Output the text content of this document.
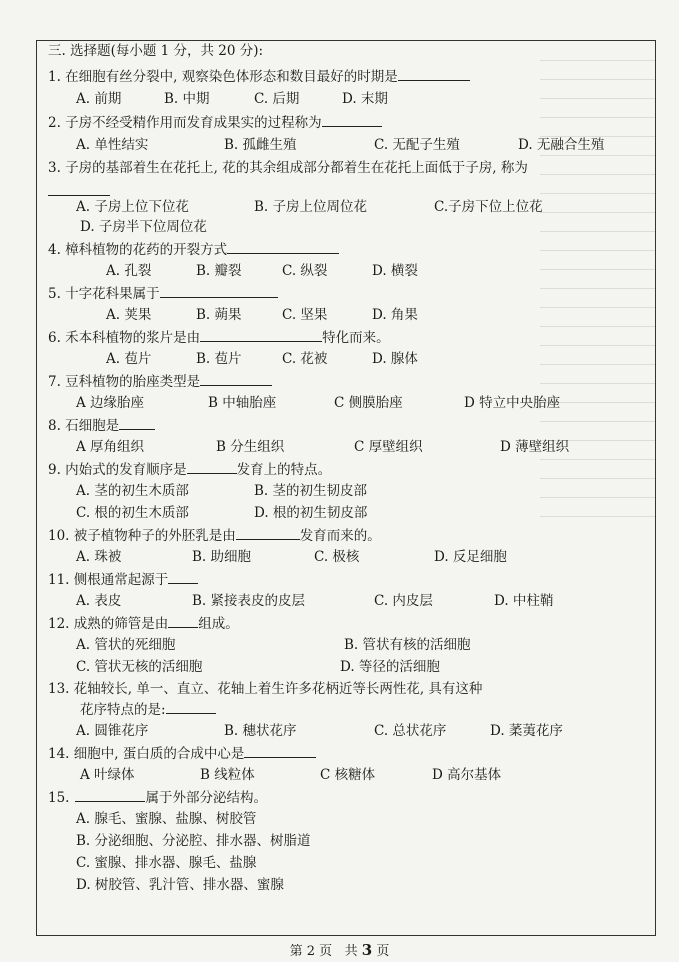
三. 选择题(每小题 1 分，共 20 分):
1. 在细胞有丝分裂中, 观察染色体形态和数目最好的时期是
A. 前期	B. 中期	C. 后期	D. 末期
2. 子房不经受精作用而发育成果实的过程称为
A. 单性结实	B. 孤雌生殖	C. 无配子生殖	D. 无融合生殖
3. 子房的基部着生在花托上, 花的其余组成部分都着生在花托上面低于子房, 称为
A. 子房上位下位花	B. 子房上位周位花	C.子房下位上位花
D. 子房半下位周位花
4. 樟科植物的花药的开裂方式
A. 孔裂	B. 瓣裂	C. 纵裂	D. 横裂
5. 十字花科果属于
A. 荚果	B. 蒴果	C. 坚果	D. 角果
6. 禾本科植物的浆片是由	特化而来。
A. 苞片	B. 苞片	C. 花被	D. 腺体
7. 豆科植物的胎座类型是
A 边缘胎座	B 中轴胎座	C 侧膜胎座	D 特立中央胎座
8. 石细胞是
A 厚角组织	B 分生组织	C 厚壁组织	D 薄壁组织
9. 内始式的发育顺序是	发育上的特点。
A. 茎的初生木质部	B. 茎的初生韧皮部
C. 根的初生木质部	D. 根的初生韧皮部
10. 被子植物种子的外胚乳是由	发育而来的。
A. 珠被	B. 助细胞	C. 极核	D. 反足细胞
11. 侧根通常起源于
A. 表皮	B. 紧接表皮的皮层	C. 内皮层	D. 中柱鞘
12. 成熟的筛管是由 组成。
A. 管状的死细胞	B. 管状有核的活细胞
C. 管状无核的活细胞	D. 等径的活细胞
13. 花轴较长, 单一、直立、花轴上着生许多花柄近等长两性花, 具有这种
花序特点的是:
A. 圆锥花序	B. 穗状花序	C. 总状花序	D. 葇荑花序
14. 细胞中, 蛋白质的合成中心是
A 叶绿体	B 线粒体	C 核糖体	D 高尔基体
15.	属于外部分泌结构。
A. 腺毛、蜜腺、盐腺、树胶管
B. 分泌细胞、分泌腔、排水器、树脂道
C. 蜜腺、排水器、腺毛、盐腺
D. 树胶管、乳汁管、排水器、蜜腺
第 2 页 共 3 页
